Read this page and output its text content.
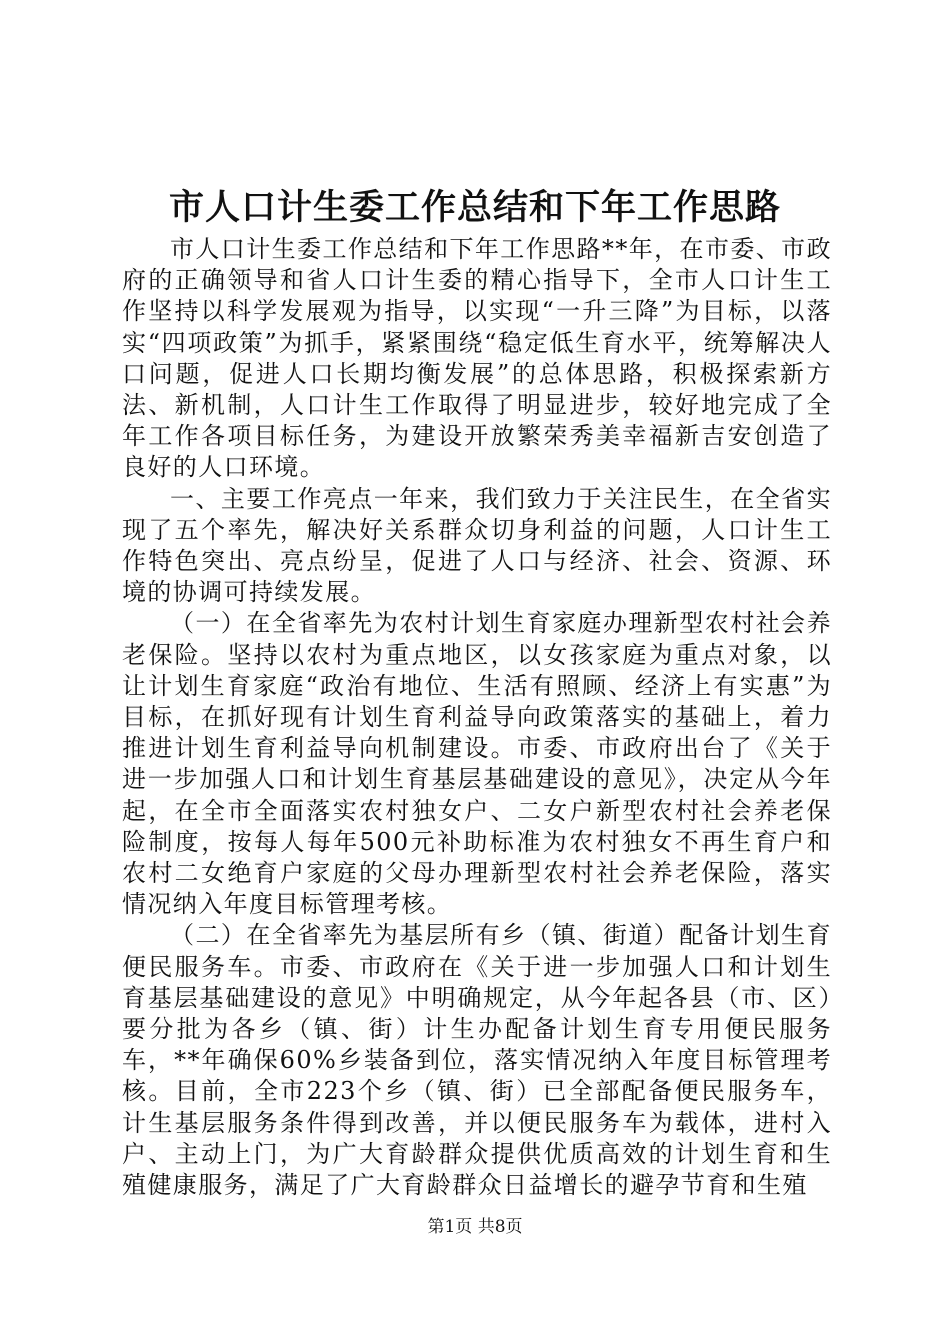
市人口计生委工作总结和下年工作思路

市人口计生委工作总结和下年工作思路**年，在市委、市政府的正确领导和省人口计生委的精心指导下，全市人口计生工作坚持以科学发展观为指导，以实现“一升三降”为目标，以落实“四项政策”为抓手，紧紧围绕“稳定低生育水平，统筹解决人口问题，促进人口长期均衡发展”的总体思路，积极探索新方法、新机制，人口计生工作取得了明显进步，较好地完成了全年工作各项目标任务，为建设开放繁荣秀美幸福新吉安创造了良好的人口环境。

一、主要工作亮点一年来，我们致力于关注民生，在全省实现了五个率先，解决好关系群众切身利益的问题，人口计生工作特色突出、亮点纷呈，促进了人口与经济、社会、资源、环境的协调可持续发展。

（一）在全省率先为农村计划生育家庭办理新型农村社会养老保险。坚持以农村为重点地区，以女孩家庭为重点对象，以让计划生育家庭“政治有地位、生活有照顾、经济上有实惠”为目标，在抓好现有计划生育利益导向政策落实的基础上，着力推进计划生育利益导向机制建设。市委、市政府出台了《关于进一步加强人口和计划生育基层基础建设的意见》，决定从今年起，在全市全面落实农村独女户、二女户新型农村社会养老保险制度，按每人每年500元补助标准为农村独女不再生育户和农村二女绝育户家庭的父母办理新型农村社会养老保险，落实情况纳入年度目标管理考核。

（二）在全省率先为基层所有乡（镇、街道）配备计划生育便民服务车。市委、市政府在《关于进一步加强人口和计划生育基层基础建设的意见》中明确规定，从今年起各县（市、区）要分批为各乡（镇、街）计生办配备计划生育专用便民服务车，**年确保60%乡装备到位，落实情况纳入年度目标管理考核。目前，全市223个乡（镇、街）已全部配备便民服务车，计生基层服务条件得到改善，并以便民服务车为载体，进村入户、主动上门，为广大育龄群众提供优质高效的计划生育和生殖健康服务，满足了广大育龄群众日益增长的避孕节育和生殖

第1页 共8页
